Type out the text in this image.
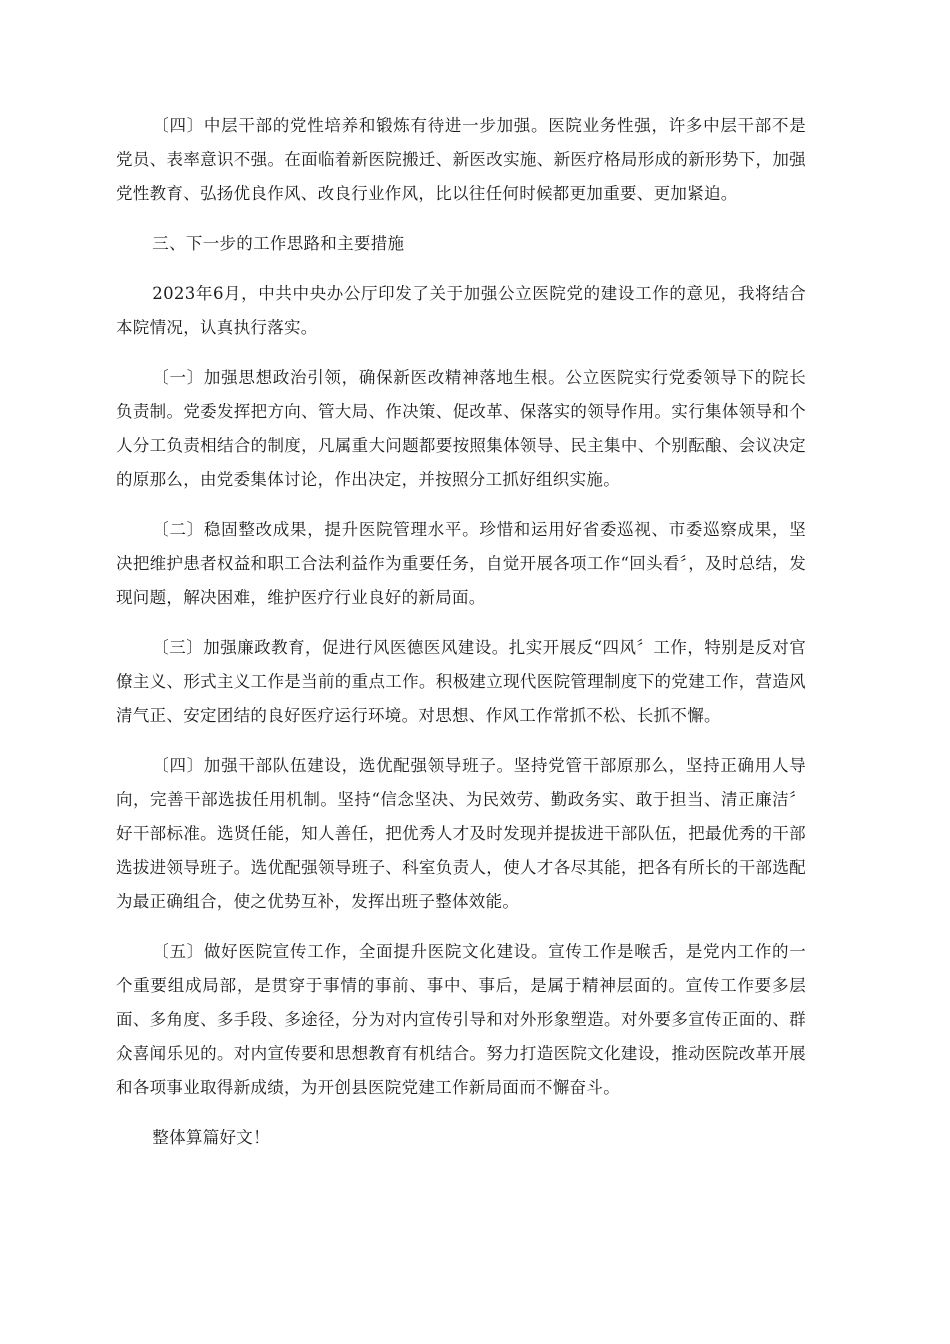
〔四〕中层干部的党性培养和锻炼有待进一步加强。医院业务性强，许多中层干部不是党员、表率意识不强。在面临着新医院搬迁、新医改实施、新医疗格局形成的新形势下，加强党性教育、弘扬优良作风、改良行业作风，比以往任何时候都更加重要、更加紧迫。

三、下一步的工作思路和主要措施

2023年6月，中共中央办公厅印发了关于加强公立医院党的建设工作的意见，我将结合本院情况，认真执行落实。

〔一〕加强思想政治引领，确保新医改精神落地生根。公立医院实行党委领导下的院长负责制。党委发挥把方向、管大局、作决策、促改革、保落实的领导作用。实行集体领导和个人分工负责相结合的制度，凡属重大问题都要按照集体领导、民主集中、个别酝酿、会议决定的原那么，由党委集体讨论，作出决定，并按照分工抓好组织实施。

〔二〕稳固整改成果，提升医院管理水平。珍惜和运用好省委巡视、市委巡察成果，坚决把维护患者权益和职工合法利益作为重要任务，自觉开展各项工作“回头看〞，及时总结，发现问题，解决困难，维护医疗行业良好的新局面。

〔三〕加强廉政教育，促进行风医德医风建设。扎实开展反“四风〞工作，特别是反对官僚主义、形式主义工作是当前的重点工作。积极建立现代医院管理制度下的党建工作，营造风清气正、安定团结的良好医疗运行环境。对思想、作风工作常抓不松、长抓不懈。

〔四〕加强干部队伍建设，选优配强领导班子。坚持党管干部原那么，坚持正确用人导向，完善干部选拔任用机制。坚持“信念坚决、为民效劳、勤政务实、敢于担当、清正廉洁〞好干部标准。选贤任能，知人善任，把优秀人才及时发现并提拔进干部队伍，把最优秀的干部选拔进领导班子。选优配强领导班子、科室负责人，使人才各尽其能，把各有所长的干部选配为最正确组合，使之优势互补，发挥出班子整体效能。

〔五〕做好医院宣传工作，全面提升医院文化建设。宣传工作是喉舌，是党内工作的一个重要组成局部，是贯穿于事情的事前、事中、事后，是属于精神层面的。宣传工作要多层面、多角度、多手段、多途径，分为对内宣传引导和对外形象塑造。对外要多宣传正面的、群众喜闻乐见的。对内宣传要和思想教育有机结合。努力打造医院文化建设，推动医院改革开展和各项事业取得新成绩，为开创县医院党建工作新局面而不懈奋斗。

整体算篇好文！
